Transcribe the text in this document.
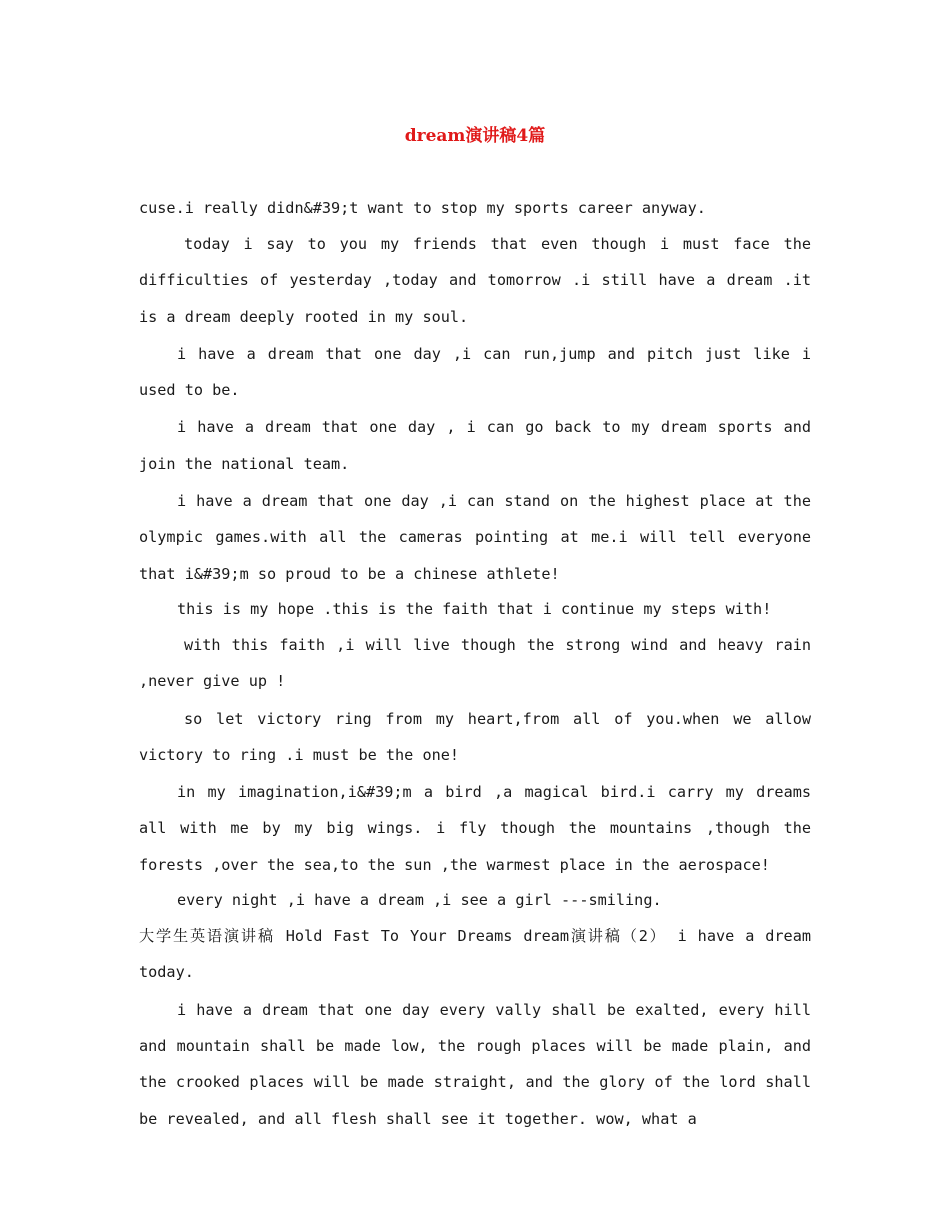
dream演讲稿4篇

cuse.i really didn&#39;t want to stop my sports career anyway.

today i say to you my friends that even though i must face the difficulties of yesterday ,today and tomorrow .i still have a dream .it is a dream deeply rooted in my soul.

i have a dream that one day ,i can run,jump and pitch just like i used to be.

i have a dream that one day , i can go back to my dream sports and join the national team.

i have a dream that one day ,i can stand on the highest place at the olympic games.with all the cameras pointing at me.i will tell everyone that i&#39;m so proud to be a chinese athlete!

this is my hope .this is the faith that i continue my steps with!

with this faith ,i will live though the strong wind and heavy rain ,never give up !

so let victory ring from my heart,from all of you.when we allow victory to ring .i must be the one!

in my imagination,i&#39;m a bird ,a magical bird.i carry my dreams all with me by my big wings. i fly though the mountains ,though the forests ,over the sea,to the sun ,the warmest place in the aerospace!

every night ,i have a dream ,i see a girl ---smiling.

大学生英语演讲稿 Hold Fast To Your Dreams dream演讲稿（2） i have a dream today.

i have a dream that one day every vally shall be exalted, every hill and mountain shall be made low, the rough places will be made plain, and the crooked places will be made straight, and the glory of the lord shall be revealed, and all flesh shall see it together. wow, what a
